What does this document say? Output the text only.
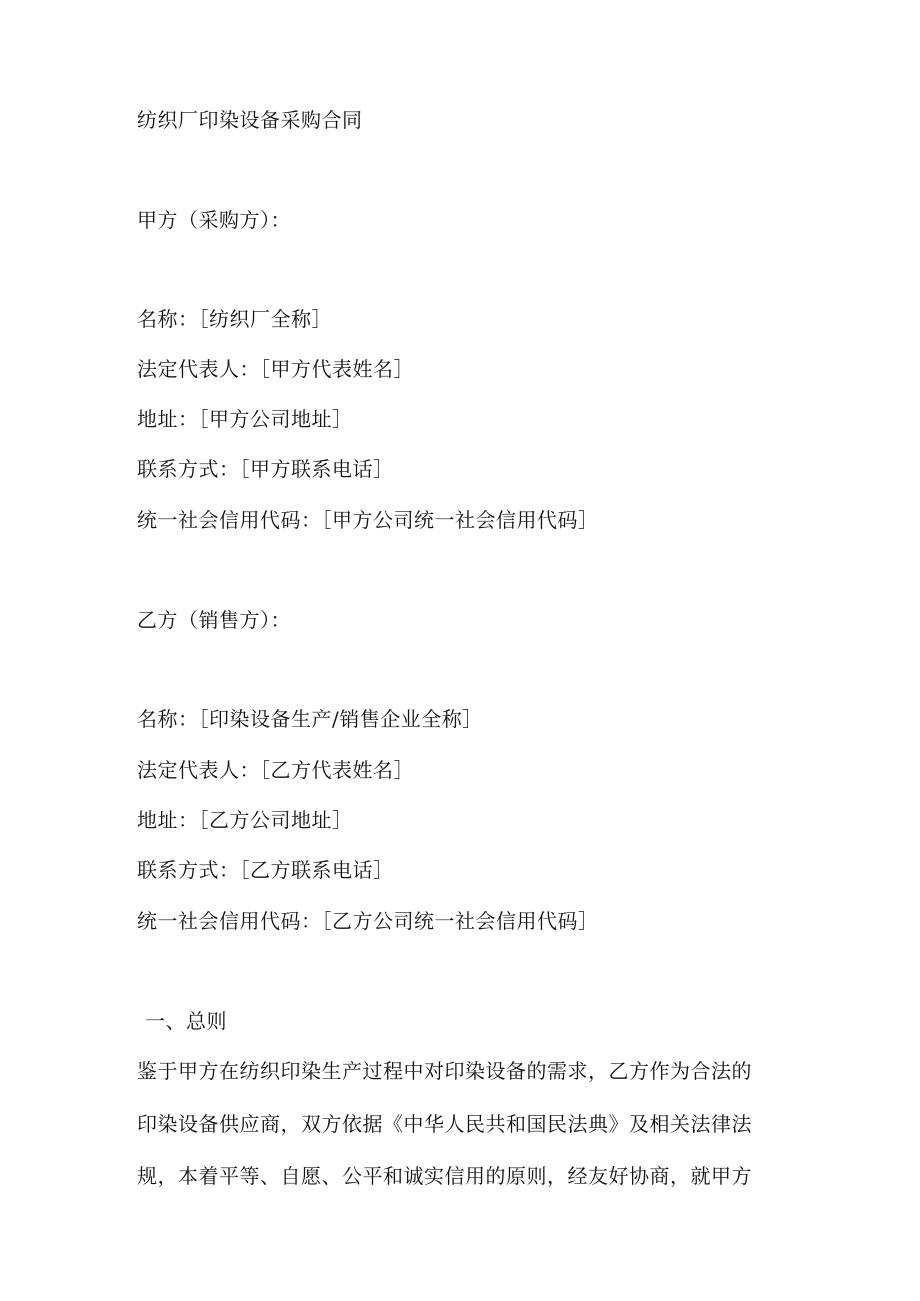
纺织厂印染设备采购合同
甲方（采购方）：
名称：［纺织厂全称］
法定代表人：［甲方代表姓名］
地址：［甲方公司地址］
联系方式：［甲方联系电话］
统一社会信用代码：［甲方公司统一社会信用代码］
乙方（销售方）：
名称：［印染设备生产/销售企业全称］
法定代表人：［乙方代表姓名］
地址：［乙方公司地址］
联系方式：［乙方联系电话］
统一社会信用代码：［乙方公司统一社会信用代码］
一、总则
鉴于甲方在纺织印染生产过程中对印染设备的需求，乙方作为合法的
印染设备供应商，双方依据《中华人民共和国民法典》及相关法律法
规，本着平等、自愿、公平和诚实信用的原则，经友好协商，就甲方
